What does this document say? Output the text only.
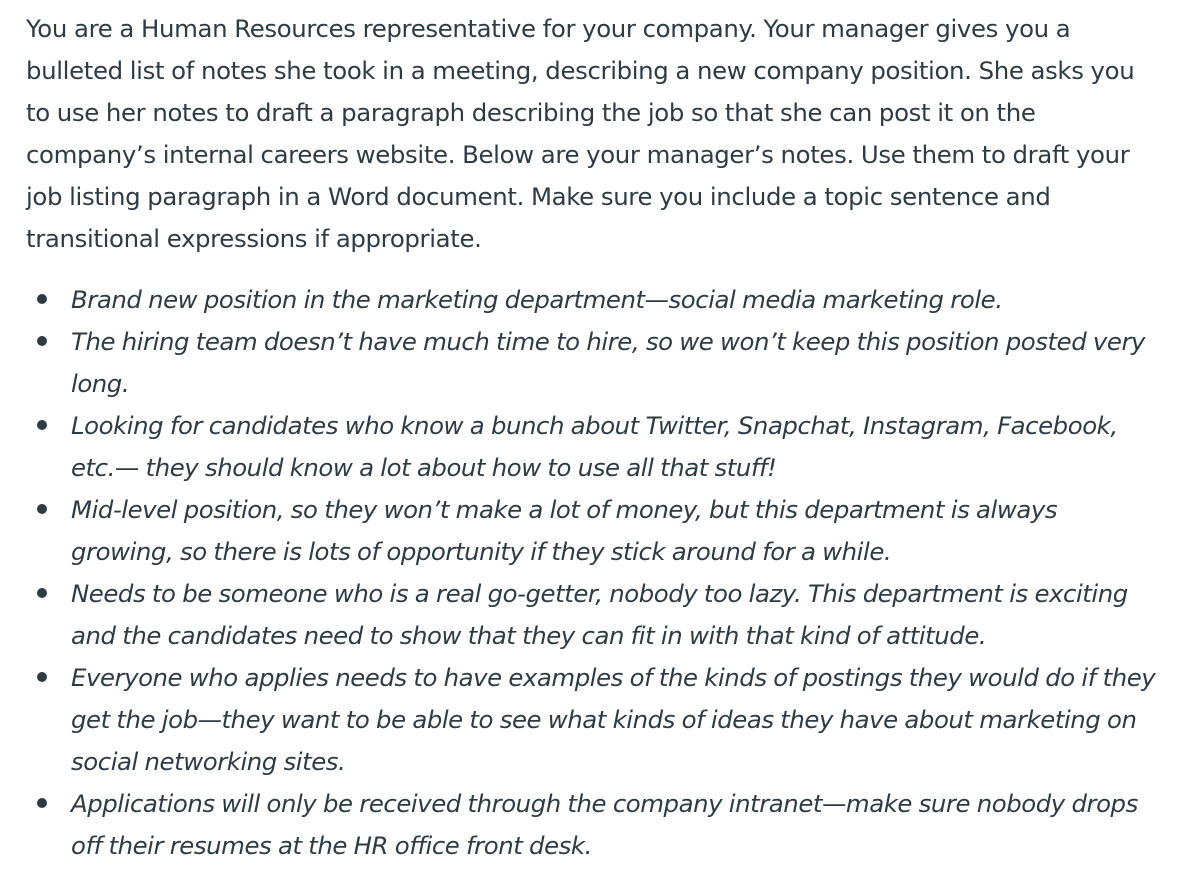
You are a Human Resources representative for your company. Your manager gives you a bulleted list of notes she took in a meeting, describing a new company position. She asks you to use her notes to draft a paragraph describing the job so that she can post it on the company’s internal careers website. Below are your manager’s notes. Use them to draft your job listing paragraph in a Word document. Make sure you include a topic sentence and transitional expressions if appropriate.

Brand new position in the marketing department—social media marketing role.
The hiring team doesn’t have much time to hire, so we won’t keep this position posted very long.
Looking for candidates who know a bunch about Twitter, Snapchat, Instagram, Facebook, etc.— they should know a lot about how to use all that stuff!
Mid-level position, so they won’t make a lot of money, but this department is always growing, so there is lots of opportunity if they stick around for a while.
Needs to be someone who is a real go-getter, nobody too lazy. This department is exciting and the candidates need to show that they can fit in with that kind of attitude.
Everyone who applies needs to have examples of the kinds of postings they would do if they get the job—they want to be able to see what kinds of ideas they have about marketing on social networking sites.
Applications will only be received through the company intranet—make sure nobody drops off their resumes at the HR office front desk.
